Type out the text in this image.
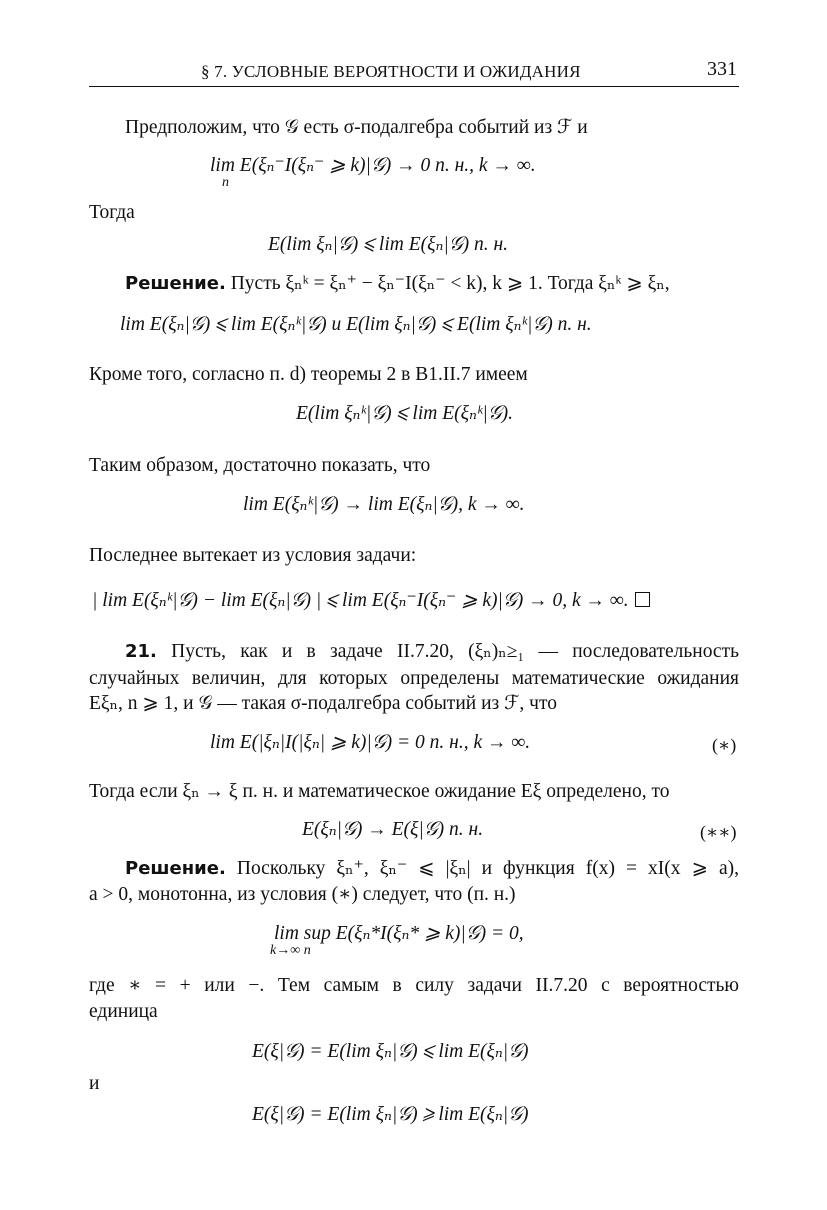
§ 7. УСЛОВНЫЕ ВЕРОЯТНОСТИ И ОЖИДАНИЯ	331
Предположим, что 𝒢 есть σ-подалгебра событий из ℱ и
lim E(ξₙ⁻I(ξₙ⁻ ⩾ k)|𝒢) → 0 п. н., k → ∞.
n
Тогда
E(lim ξₙ|𝒢) ⩽ lim E(ξₙ|𝒢) п. н.
Решение. Пусть ξₙᵏ = ξₙ⁺ − ξₙ⁻I(ξₙ⁻ < k), k ⩾ 1. Тогда ξₙᵏ ⩾ ξₙ,
lim E(ξₙ|𝒢) ⩽ lim E(ξₙᵏ|𝒢) и E(lim ξₙ|𝒢) ⩽ E(lim ξₙᵏ|𝒢) п. н.
Кроме того, согласно п. d) теоремы 2 в В1.II.7 имеем
E(lim ξₙᵏ|𝒢) ⩽ lim E(ξₙᵏ|𝒢).
Таким образом, достаточно показать, что
lim E(ξₙᵏ|𝒢) → lim E(ξₙ|𝒢), k → ∞.
Последнее вытекает из условия задачи:
| lim E(ξₙᵏ|𝒢) − lim E(ξₙ|𝒢) | ⩽ lim E(ξₙ⁻I(ξₙ⁻ ⩾ k)|𝒢) → 0, k → ∞.
21. Пусть, как и в задаче II.7.20, (ξₙ)ₙ≥₁ — последовательность
случайных величин, для которых определены математические ожидания
Eξₙ, n ⩾ 1, и 𝒢 — такая σ-подалгебра событий из ℱ, что
lim E(|ξₙ|I(|ξₙ| ⩾ k)|𝒢) = 0 п. н., k → ∞.	(∗)
Тогда если ξₙ → ξ п. н. и математическое ожидание Eξ определено, то
E(ξₙ|𝒢) → E(ξ|𝒢) п. н.	(∗∗)
Решение. Поскольку ξₙ⁺, ξₙ⁻ ⩽ |ξₙ| и функция f(x) = xI(x ⩾ a),
a > 0, монотонна, из условия (∗) следует, что (п. н.)
lim sup E(ξₙ*I(ξₙ* ⩾ k)|𝒢) = 0,
k→∞ n
где ∗ = + или −. Тем самым в силу задачи II.7.20 с вероятностью
единица
E(ξ|𝒢) = E(lim ξₙ|𝒢) ⩽ lim E(ξₙ|𝒢)
и
E(ξ|𝒢) = E(lim ξₙ|𝒢) ⩾ lim E(ξₙ|𝒢)
